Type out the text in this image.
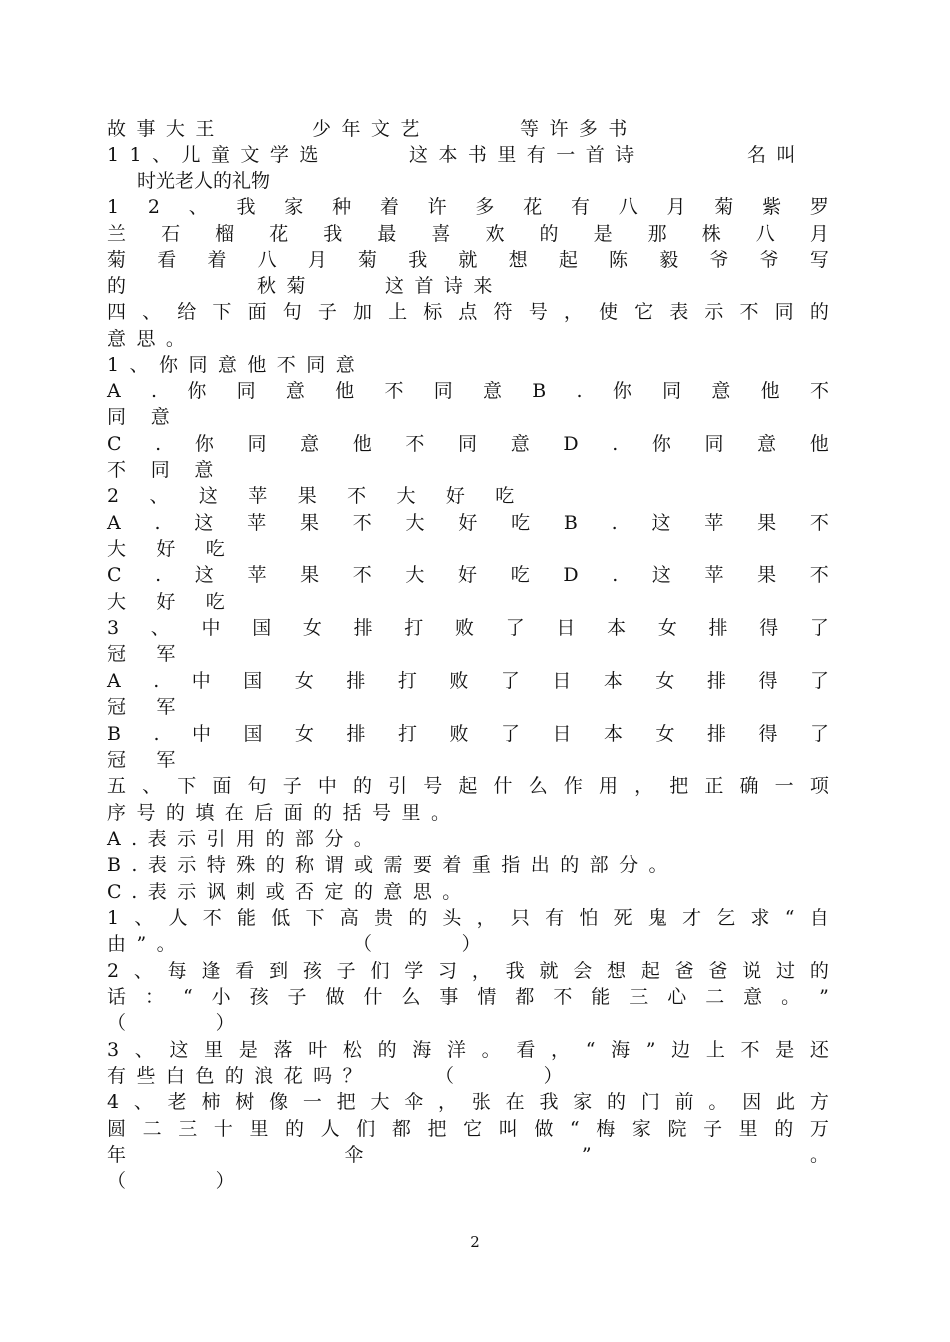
故事大王	少年文艺	等许多书
11、儿童文学选	这本书里有一首诗	名叫
时光老人的礼物
1 2 、 我 家 种 着 许 多 花 有 八 月 菊 紫 罗
兰 石 榴 花 我 最 喜 欢 的 是 那 株 八 月
菊 看 着 八 月 菊 我 就 想 起 陈 毅 爷 爷 写
的	秋菊	这首诗来
四 、 给 下 面 句 子 加 上 标 点 符 号 ， 使 它 表 示 不 同 的
意思。
1、你同意他不同意
A . 你 同 意 他 不 同 意 B . 你 同 意 他 不
同意
C . 你 同 意 他 不 同 意 D . 你 同 意 他
不同意
2、这苹果不大好吃
A . 这 苹 果 不 大 好 吃 B . 这 苹 果 不
大好吃
C . 这 苹 果 不 大 好 吃 D . 这 苹 果 不
大好吃
3 、 中 国 女 排 打 败 了 日 本 女 排 得 了
冠军
A . 中 国 女 排 打 败 了 日 本 女 排 得 了
冠军
B . 中 国 女 排 打 败 了 日 本 女 排 得 了
冠军
五 、 下 面 句 子 中 的 引 号 起 什 么 作 用 ， 把 正 确 一 项
序号的填在后面的括号里。
A.表示引用的部分。
B.表示特殊的称谓或需要着重指出的部分。
C.表示讽刺或否定的意思。
1 、 人 不 能 低 下 高 贵 的 头 ， 只 有 怕 死 鬼 才 乞 求 “ 自
由”。	（ ）
2 、 每 逢 看 到 孩 子 们 学 习 ， 我 就 会 想 起 爸 爸 说 过 的
话 ： “ 小 孩 子 做 什 么 事 情 都 不 能 三 心 二 意 。 ”
（ ）
3 、 这 里 是 落 叶 松 的 海 洋 。 看 ， “ 海 ” 边 上 不 是 还
有些白色的浪花吗？	（ ）
4 、 老 柿 树 像 一 把 大 伞 ， 张 在 我 家 的 门 前 。 因 此 方
圆 二 三 十 里 的 人 们 都 把 它 叫 做 “ 梅 家 院 子 里 的 万
年	伞	”	。
（ ）
2
